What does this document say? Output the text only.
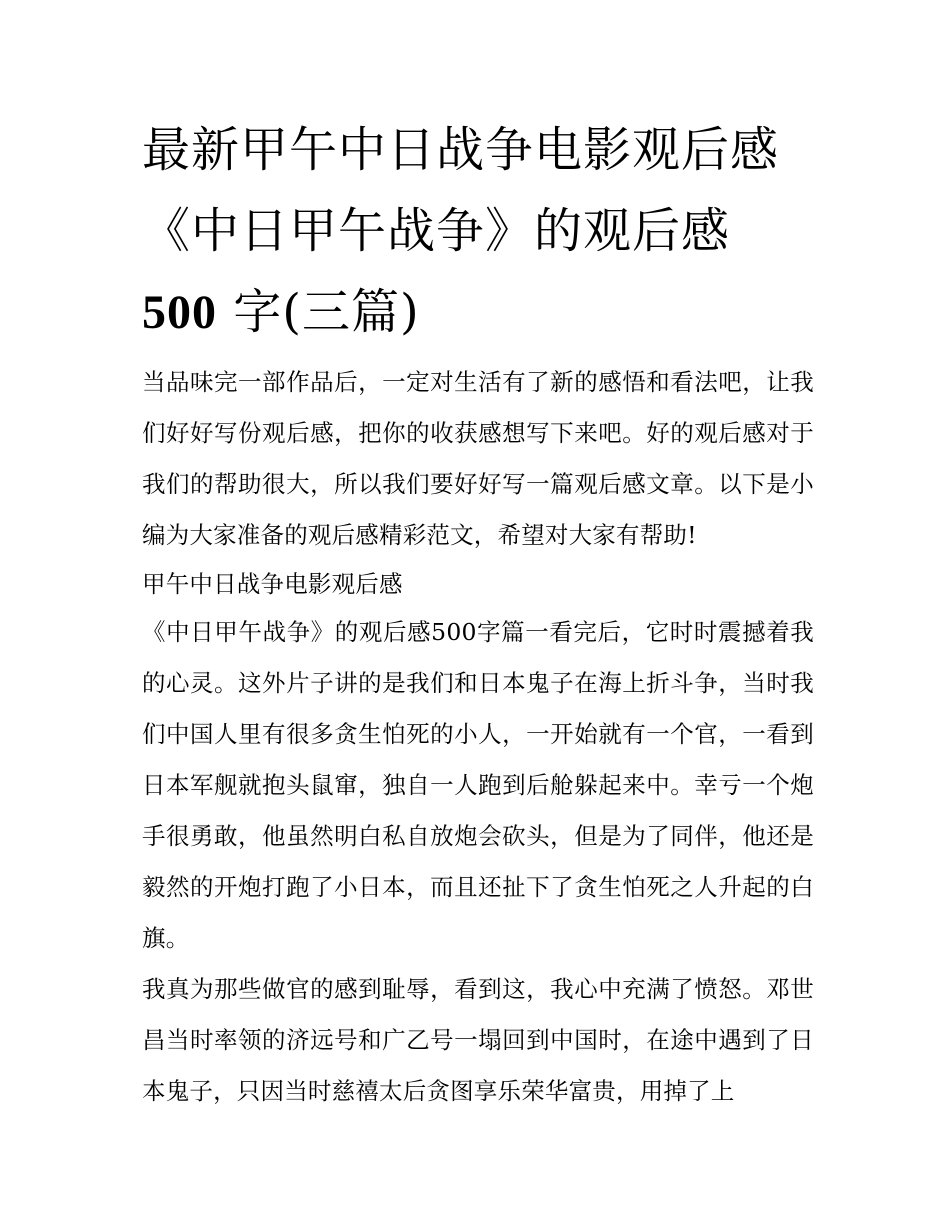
最新甲午中日战争电影观后感
《中日甲午战争》的观后感
500 字(三篇)

当品味完一部作品后，一定对生活有了新的感悟和看法吧，让我们好好写份观后感，把你的收获感想写下来吧。好的观后感对于我们的帮助很大，所以我们要好好写一篇观后感文章。以下是小编为大家准备的观后感精彩范文，希望对大家有帮助!

甲午中日战争电影观后感

《中日甲午战争》的观后感500字篇一看完后，它时时震撼着我的心灵。这外片子讲的是我们和日本鬼子在海上折斗争，当时我们中国人里有很多贪生怕死的小人，一开始就有一个官，一看到日本军舰就抱头鼠窜，独自一人跑到后舱躲起来中。幸亏一个炮手很勇敢，他虽然明白私自放炮会砍头，但是为了同伴，他还是毅然的开炮打跑了小日本，而且还扯下了贪生怕死之人升起的白旗。

我真为那些做官的感到耻辱，看到这，我心中充满了愤怒。邓世昌当时率领的济远号和广乙号一塌回到中国时，在途中遇到了日本鬼子，只因当时慈禧太后贪图享乐荣华富贵，用掉了上
